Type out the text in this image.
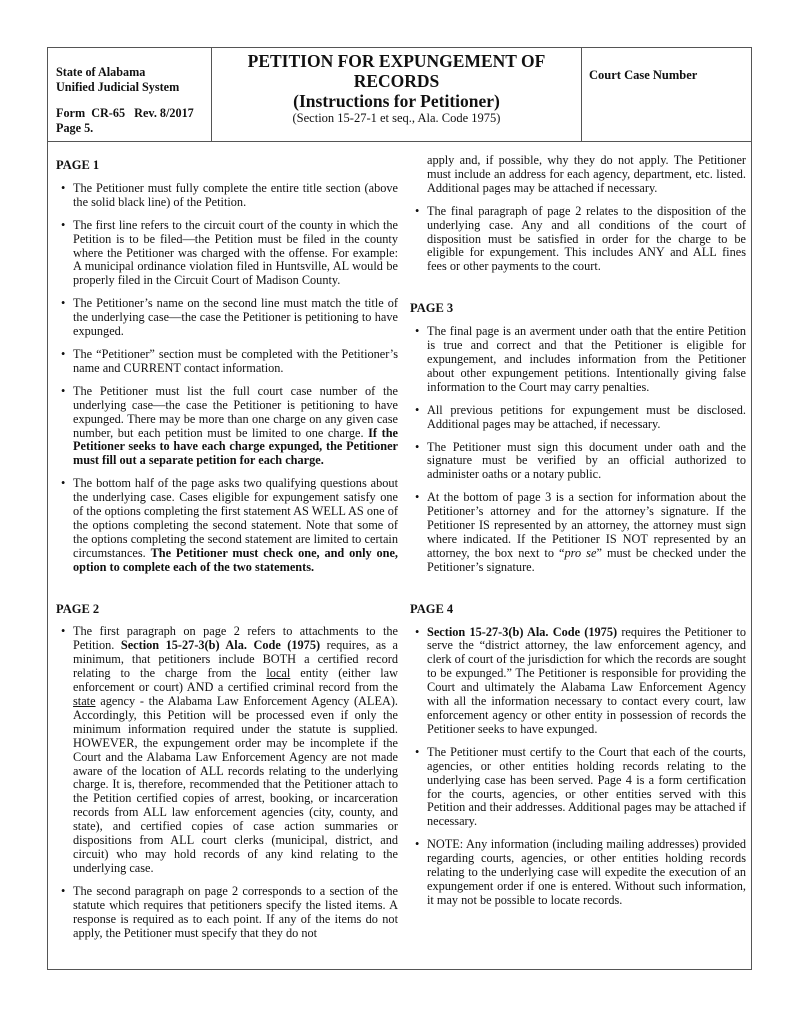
State of Alabama
Unified Judicial System
Form  CR-65   Rev. 8/2017
Page 5.
PETITION FOR EXPUNGEMENT OF
RECORDS
(Instructions for Petitioner)
(Section 15-27-1 et seq., Ala. Code 1975)
Court Case Number
PAGE 1
• The Petitioner must fully complete the entire title section (above the solid black line) of the Petition.
• The first line refers to the circuit court of the county in which the Petition is to be filed—the Petition must be filed in the county where the Petitioner was charged with the offense. For example: A municipal ordinance violation filed in Huntsville, AL would be properly filed in the Circuit Court of Madison County.
• The Petitioner’s name on the second line must match the title of the underlying case—the case the Petitioner is petitioning to have expunged.
• The “Petitioner” section must be completed with the Petitioner’s name and CURRENT contact information.
• The Petitioner must list the full court case number of the underlying case—the case the Petitioner is petitioning to have expunged. There may be more than one charge on any given case number, but each petition must be limited to one charge. If the Petitioner seeks to have each charge expunged, the Petitioner must fill out a separate petition for each charge.
• The bottom half of the page asks two qualifying questions about the underlying case. Cases eligible for expungement satisfy one of the options completing the first statement AS WELL AS one of the options completing the second statement. Note that some of the options completing the second statement are limited to certain circumstances. The Petitioner must check one, and only one, option to complete each of the two statements.
PAGE 2
• The first paragraph on page 2 refers to attachments to the Petition. Section 15-27-3(b) Ala. Code (1975) requires, as a minimum, that petitioners include BOTH a certified record relating to the charge from the local entity (either law enforcement or court) AND a certified criminal record from the state agency - the Alabama Law Enforcement Agency (ALEA). Accordingly, this Petition will be processed even if only the minimum information required under the statute is supplied. HOWEVER, the expungement order may be incomplete if the Court and the Alabama Law Enforcement Agency are not made aware of the location of ALL records relating to the underlying charge. It is, therefore, recommended that the Petitioner attach to the Petition certified copies of arrest, booking, or incarceration records from ALL law enforcement agencies (city, county, and state), and certified copies of case action summaries or dispositions from ALL court clerks (municipal, district, and circuit) who may hold records of any kind relating to the underlying case.
• The second paragraph on page 2 corresponds to a section of the statute which requires that petitioners specify the listed items. A response is required as to each point. If any of the items do not apply, the Petitioner must specify that they do not
apply and, if possible, why they do not apply. The Petitioner must include an address for each agency, department, etc. listed. Additional pages may be attached if necessary.
• The final paragraph of page 2 relates to the disposition of the underlying case. Any and all conditions of the court of disposition must be satisfied in order for the charge to be eligible for expungement. This includes ANY and ALL fines fees or other payments to the court.
PAGE 3
• The final page is an averment under oath that the entire Petition is true and correct and that the Petitioner is eligible for expungement, and includes information from the Petitioner about other expungement petitions. Intentionally giving false information to the Court may carry penalties.
• All previous petitions for expungement must be disclosed. Additional pages may be attached, if necessary.
• The Petitioner must sign this document under oath and the signature must be verified by an official authorized to administer oaths or a notary public.
• At the bottom of page 3 is a section for information about the Petitioner’s attorney and for the attorney’s signature. If the Petitioner IS represented by an attorney, the attorney must sign where indicated. If the Petitioner IS NOT represented by an attorney, the box next to “pro se” must be checked under the Petitioner’s signature.
PAGE 4
• Section 15-27-3(b) Ala. Code (1975) requires the Petitioner to serve the “district attorney, the law enforcement agency, and clerk of court of the jurisdiction for which the records are sought to be expunged.” The Petitioner is responsible for providing the Court and ultimately the Alabama Law Enforcement Agency with all the information necessary to contact every court, law enforcement agency or other entity in possession of records the Petitioner seeks to have expunged.
• The Petitioner must certify to the Court that each of the courts, agencies, or other entities holding records relating to the underlying case has been served. Page 4 is a form certification for the courts, agencies, or other entities served with this Petition and their addresses. Additional pages may be attached if necessary.
• NOTE: Any information (including mailing addresses) provided regarding courts, agencies, or other entities holding records relating to the underlying case will expedite the execution of an expungement order if one is entered. Without such information, it may not be possible to locate records.
